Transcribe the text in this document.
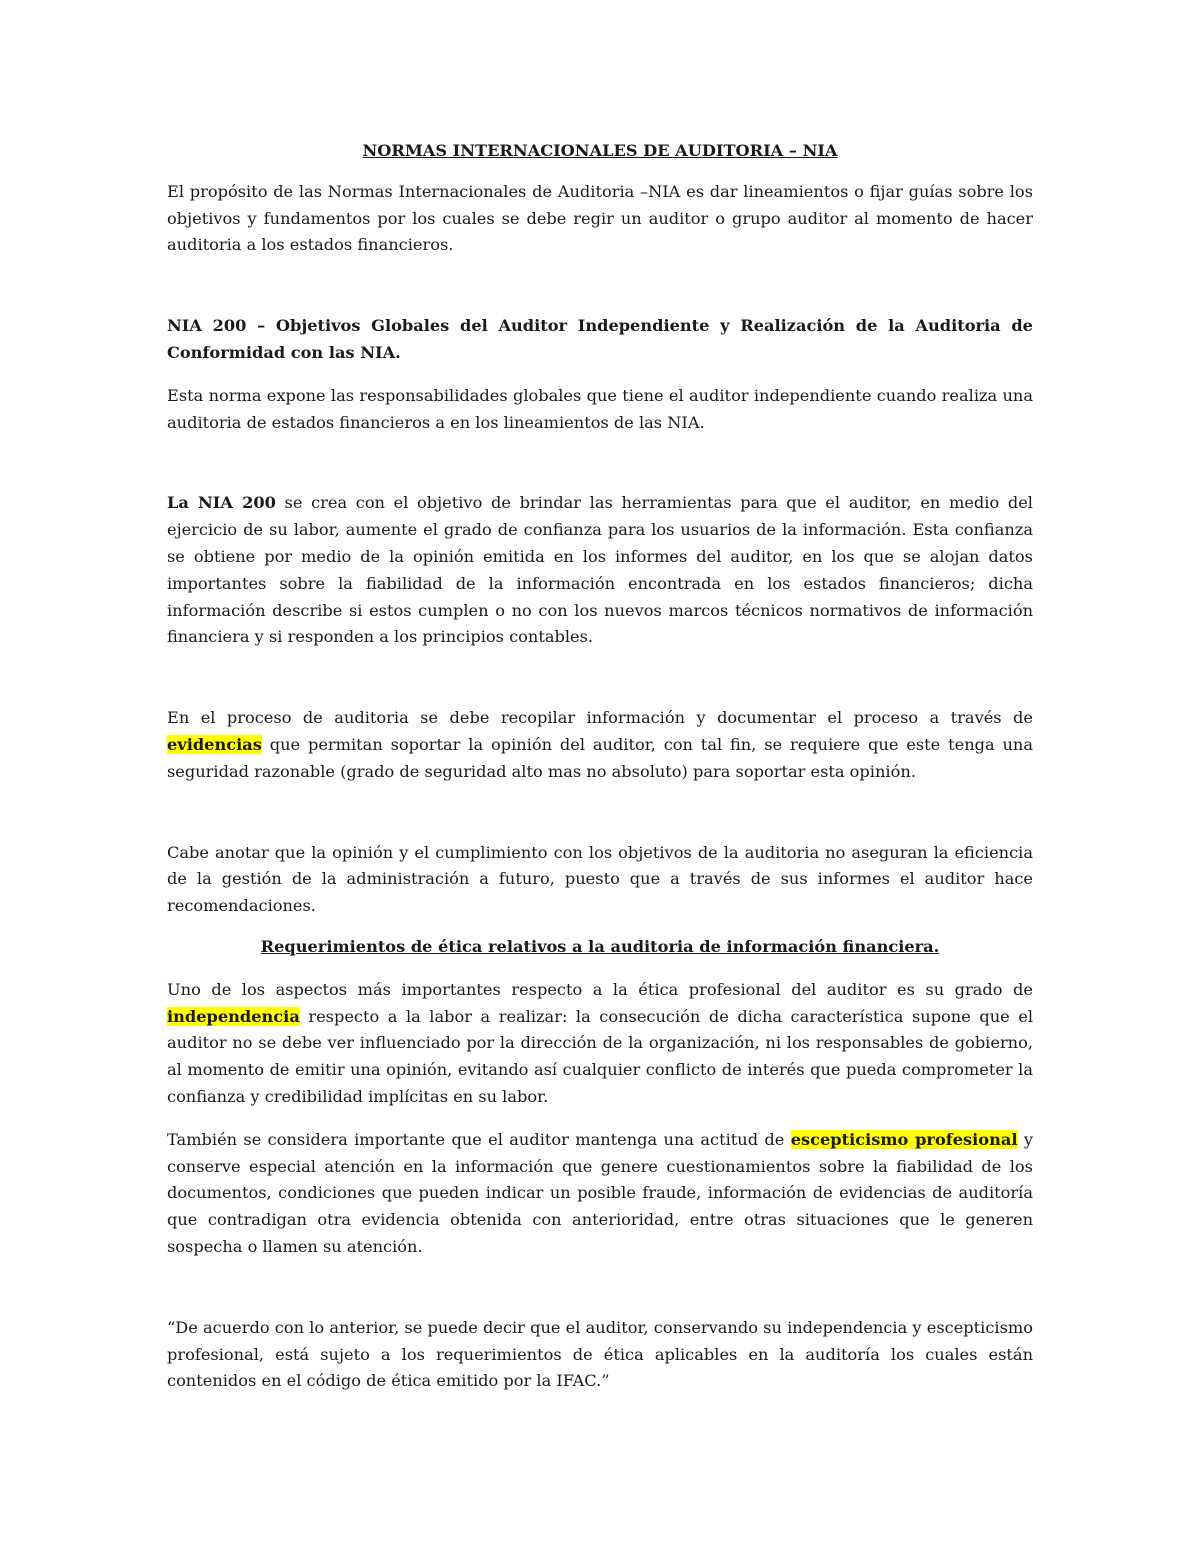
NORMAS INTERNACIONALES DE AUDITORIA – NIA

El propósito de las Normas Internacionales de Auditoria –NIA es dar lineamientos o fijar guías sobre los objetivos y fundamentos por los cuales se debe regir un auditor o grupo auditor al momento de hacer auditoria a los estados financieros.

NIA 200 – Objetivos Globales del Auditor Independiente y Realización de la Auditoria de Conformidad con las NIA.

Esta norma expone las responsabilidades globales que tiene el auditor independiente cuando realiza una auditoria de estados financieros a en los lineamientos de las NIA.

La NIA 200 se crea con el objetivo de brindar las herramientas para que el auditor, en medio del ejercicio de su labor, aumente el grado de confianza para los usuarios de la información. Esta confianza se obtiene por medio de la opinión emitida en los informes del auditor, en los que se alojan datos importantes sobre la fiabilidad de la información encontrada en los estados financieros; dicha información describe si estos cumplen o no con los nuevos marcos técnicos normativos de información financiera y si responden a los principios contables.

En el proceso de auditoria se debe recopilar información y documentar el proceso a través de evidencias que permitan soportar la opinión del auditor, con tal fin, se requiere que este tenga una seguridad razonable (grado de seguridad alto mas no absoluto) para soportar esta opinión.

Cabe anotar que la opinión y el cumplimiento con los objetivos de la auditoria no aseguran la eficiencia de la gestión de la administración a futuro, puesto que a través de sus informes el auditor hace recomendaciones.

Requerimientos de ética relativos a la auditoria de información financiera.

Uno de los aspectos más importantes respecto a la ética profesional del auditor es su grado de independencia respecto a la labor a realizar: la consecución de dicha característica supone que el auditor no se debe ver influenciado por la dirección de la organización, ni los responsables de gobierno, al momento de emitir una opinión, evitando así cualquier conflicto de interés que pueda comprometer la confianza y credibilidad implícitas en su labor.

También se considera importante que el auditor mantenga una actitud de escepticismo profesional y conserve especial atención en la información que genere cuestionamientos sobre la fiabilidad de los documentos, condiciones que pueden indicar un posible fraude, información de evidencias de auditoría que contradigan otra evidencia obtenida con anterioridad, entre otras situaciones que le generen sospecha o llamen su atención.

“De acuerdo con lo anterior, se puede decir que el auditor, conservando su independencia y escepticismo profesional, está sujeto a los requerimientos de ética aplicables en la auditoría los cuales están contenidos en el código de ética emitido por la IFAC.”
